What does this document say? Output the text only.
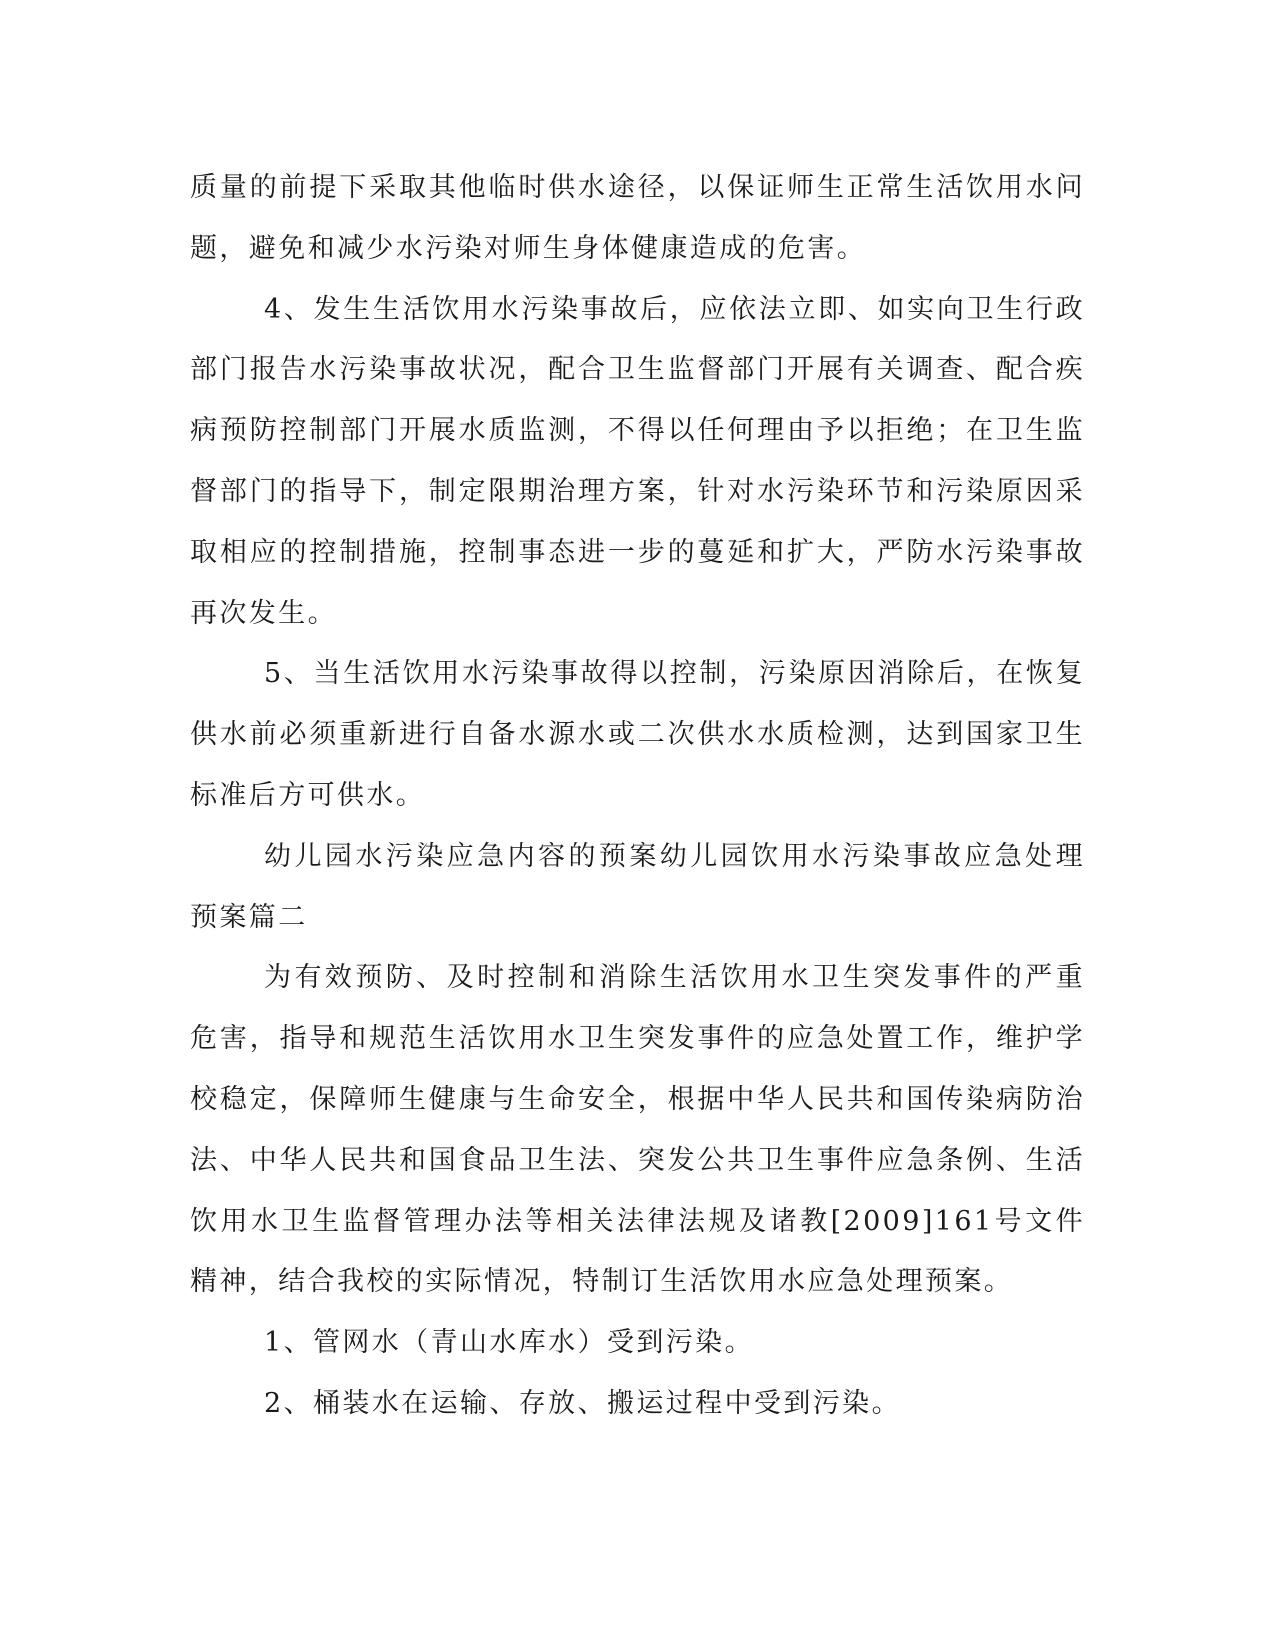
质量的前提下采取其他临时供水途径，以保证师生正常生活饮用水问题，避免和减少水污染对师生身体健康造成的危害。

4、发生生活饮用水污染事故后，应依法立即、如实向卫生行政部门报告水污染事故状况，配合卫生监督部门开展有关调查、配合疾病预防控制部门开展水质监测，不得以任何理由予以拒绝；在卫生监督部门的指导下，制定限期治理方案，针对水污染环节和污染原因采取相应的控制措施，控制事态进一步的蔓延和扩大，严防水污染事故再次发生。

5、当生活饮用水污染事故得以控制，污染原因消除后，在恢复供水前必须重新进行自备水源水或二次供水水质检测，达到国家卫生标准后方可供水。

幼儿园水污染应急内容的预案幼儿园饮用水污染事故应急处理预案篇二

为有效预防、及时控制和消除生活饮用水卫生突发事件的严重危害，指导和规范生活饮用水卫生突发事件的应急处置工作，维护学校稳定，保障师生健康与生命安全，根据中华人民共和国传染病防治法、中华人民共和国食品卫生法、突发公共卫生事件应急条例、生活饮用水卫生监督管理办法等相关法律法规及诸教[2009]161号文件精神，结合我校的实际情况，特制订生活饮用水应急处理预案。

1、管网水（青山水库水）受到污染。

2、桶装水在运输、存放、搬运过程中受到污染。
